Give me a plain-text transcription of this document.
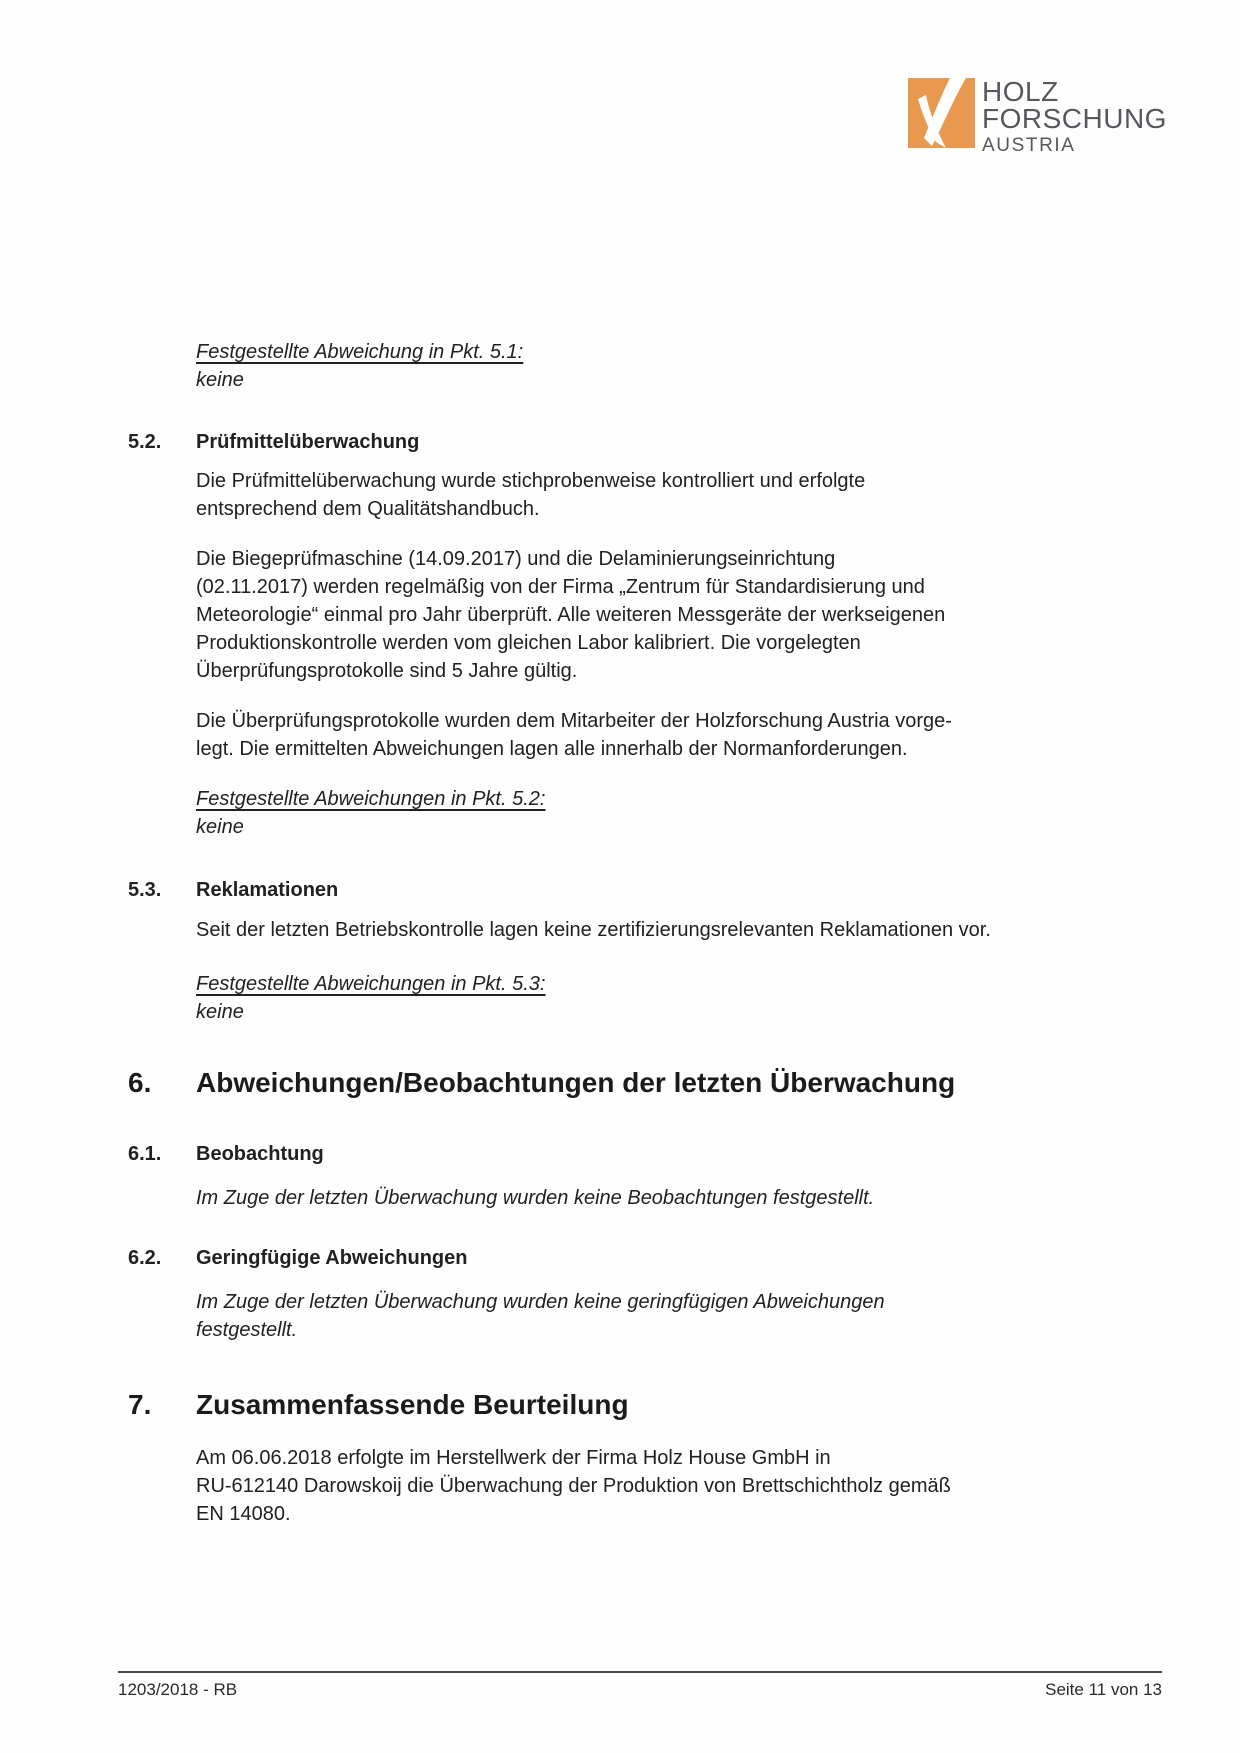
HOLZ
FORSCHUNG
AUSTRIA
Festgestellte Abweichung in Pkt. 5.1:
keine
5.2.	Prüfmittelüberwachung
Die Prüfmittelüberwachung wurde stichprobenweise kontrolliert und erfolgte
entsprechend dem Qualitätshandbuch.
Die Biegeprüfmaschine (14.09.2017) und die Delaminierungseinrichtung
(02.11.2017) werden regelmäßig von der Firma „Zentrum für Standardisierung und
Meteorologie“ einmal pro Jahr überprüft. Alle weiteren Messgeräte der werkseigenen
Produktionskontrolle werden vom gleichen Labor kalibriert. Die vorgelegten
Überprüfungsprotokolle sind 5 Jahre gültig.
Die Überprüfungsprotokolle wurden dem Mitarbeiter der Holzforschung Austria vorge-
legt. Die ermittelten Abweichungen lagen alle innerhalb der Normanforderungen.
Festgestellte Abweichungen in Pkt. 5.2:
keine
5.3.	Reklamationen
Seit der letzten Betriebskontrolle lagen keine zertifizierungsrelevanten Reklamationen vor.
Festgestellte Abweichungen in Pkt. 5.3:
keine
6.	Abweichungen/Beobachtungen der letzten Überwachung
6.1.	Beobachtung
Im Zuge der letzten Überwachung wurden keine Beobachtungen festgestellt.
6.2.	Geringfügige Abweichungen
Im Zuge der letzten Überwachung wurden keine geringfügigen Abweichungen
festgestellt.
7.	Zusammenfassende Beurteilung
Am 06.06.2018 erfolgte im Herstellwerk der Firma Holz House GmbH in
RU-612140 Darowskoij die Überwachung der Produktion von Brettschichtholz gemäß
EN 14080.
1203/2018 - RB	Seite 11 von 13
